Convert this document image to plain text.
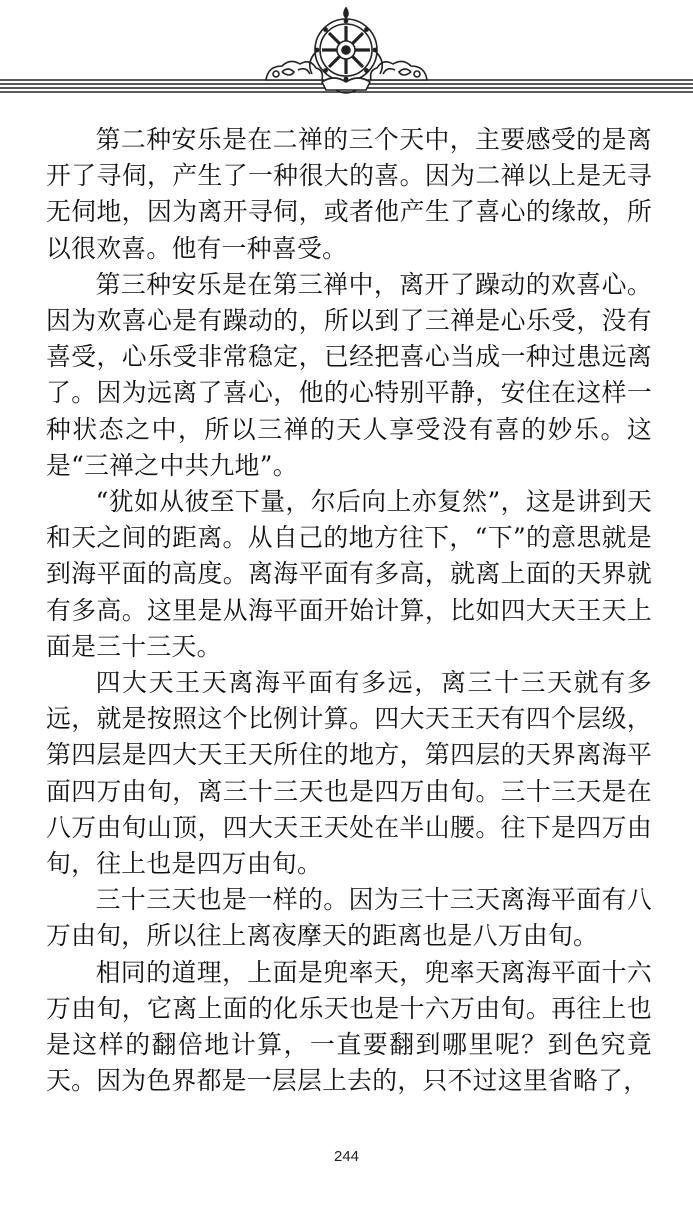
第二种安乐是在二禅的三个天中，主要感受的是离开了寻伺，产生了一种很大的喜。因为二禅以上是无寻无伺地，因为离开寻伺，或者他产生了喜心的缘故，所以很欢喜。他有一种喜受。

第三种安乐是在第三禅中，离开了躁动的欢喜心。因为欢喜心是有躁动的，所以到了三禅是心乐受，没有喜受，心乐受非常稳定，已经把喜心当成一种过患远离了。因为远离了喜心，他的心特别平静，安住在这样一种状态之中，所以三禅的天人享受没有喜的妙乐。这是“三禅之中共九地”。

“犹如从彼至下量，尔后向上亦复然”，这是讲到天和天之间的距离。从自己的地方往下，“下”的意思就是到海平面的高度。离海平面有多高，就离上面的天界就有多高。这里是从海平面开始计算，比如四大天王天上面是三十三天。

四大天王天离海平面有多远，离三十三天就有多远，就是按照这个比例计算。四大天王天有四个层级，第四层是四大天王天所住的地方，第四层的天界离海平面四万由旬，离三十三天也是四万由旬。三十三天是在八万由旬山顶，四大天王天处在半山腰。往下是四万由旬，往上也是四万由旬。

三十三天也是一样的。因为三十三天离海平面有八万由旬，所以往上离夜摩天的距离也是八万由旬。

相同的道理，上面是兜率天，兜率天离海平面十六万由旬，它离上面的化乐天也是十六万由旬。再往上也是这样的翻倍地计算，一直要翻到哪里呢？到色究竟天。因为色界都是一层层上去的，只不过这里省略了，

244
